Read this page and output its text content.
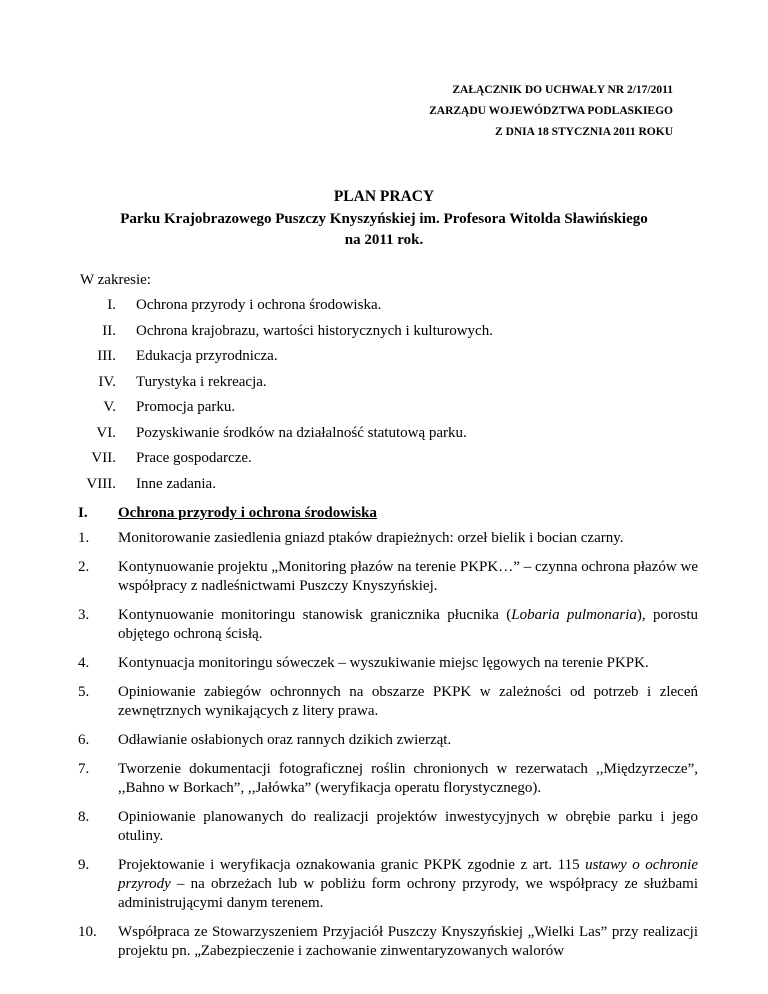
ZAŁĄCZNIK DO UCHWAŁY NR 2/17/2011
ZARZĄDU WOJEWÓDZTWA PODLASKIEGO
Z DNIA 18 STYCZNIA 2011 ROKU
PLAN PRACY
Parku Krajobrazowego Puszczy Knyszyńskiej im. Profesora Witolda Sławińskiego
na 2011 rok.
W zakresie:
I. Ochrona przyrody i ochrona środowiska.
II. Ochrona krajobrazu, wartości historycznych i kulturowych.
III. Edukacja przyrodnicza.
IV. Turystyka i rekreacja.
V. Promocja parku.
VI. Pozyskiwanie środków na działalność statutową parku.
VII. Prace gospodarcze.
VIII. Inne zadania.
I.	Ochrona przyrody i ochrona środowiska
1.	Monitorowanie zasiedlenia gniazd ptaków drapieżnych: orzeł bielik i bocian czarny.
2.	Kontynuowanie projektu „Monitoring płazów na terenie PKPK…” – czynna ochrona płazów we współpracy z nadleśnictwami Puszczy Knyszyńskiej.
3.	Kontynuowanie monitoringu stanowisk granicznika płucnika (Lobaria pulmonaria), porostu objętego ochroną ścisłą.
4.	Kontynuacja monitoringu sóweczek – wyszukiwanie miejsc lęgowych na terenie PKPK.
5.	Opiniowanie zabiegów ochronnych na obszarze PKPK w zależności od potrzeb i zleceń zewnętrznych wynikających z litery prawa.
6.	Odławianie osłabionych oraz rannych dzikich zwierząt.
7.	Tworzenie dokumentacji fotograficznej roślin chronionych w rezerwatach ,,Międzyrzecze”, ,,Bahno w Borkach”, ,,Jałówka” (weryfikacja operatu florystycznego).
8.	Opiniowanie planowanych do realizacji projektów inwestycyjnych w obrębie parku i jego otuliny.
9.	Projektowanie i weryfikacja oznakowania granic PKPK zgodnie z art. 115 ustawy o ochronie przyrody – na obrzeżach lub w pobliżu form ochrony przyrody, we współpracy ze służbami administrującymi danym terenem.
10.	Współpraca ze Stowarzyszeniem Przyjaciół Puszczy Knyszyńskiej „Wielki Las” przy realizacji projektu pn. „Zabezpieczenie i zachowanie zinwentaryzowanych walorów
